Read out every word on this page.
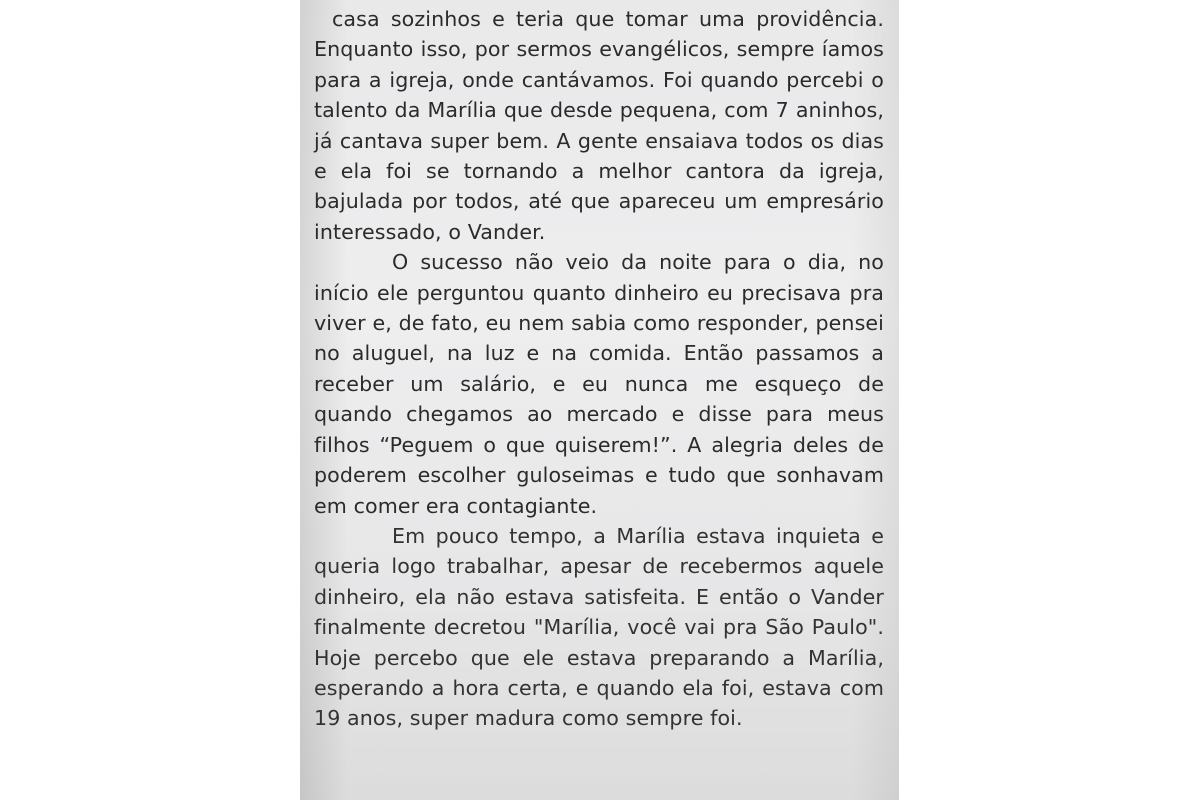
casa sozinhos e teria que tomar uma providência. Enquanto isso, por sermos evangélicos, sempre íamos para a igreja, onde cantávamos. Foi quando percebi o talento da Marília que desde pequena, com 7 aninhos, já cantava super bem. A gente ensaiava todos os dias e ela foi se tornando a melhor cantora da igreja, bajulada por todos, até que apareceu um empresário interessado, o Vander.

O sucesso não veio da noite para o dia, no início ele perguntou quanto dinheiro eu precisava pra viver e, de fato, eu nem sabia como responder, pensei no aluguel, na luz e na comida. Então passamos a receber um salário, e eu nunca me esqueço de quando chegamos ao mercado e disse para meus filhos “Peguem o que quiserem!”. A alegria deles de poderem escolher guloseimas e tudo que sonhavam em comer era contagiante.

Em pouco tempo, a Marília estava inquieta e queria logo trabalhar, apesar de recebermos aquele dinheiro, ela não estava satisfeita. E então o Vander finalmente decretou "Marília, você vai pra São Paulo". Hoje percebo que ele estava preparando a Marília, esperando a hora certa, e quando ela foi, estava com 19 anos, super madura como sempre foi.
